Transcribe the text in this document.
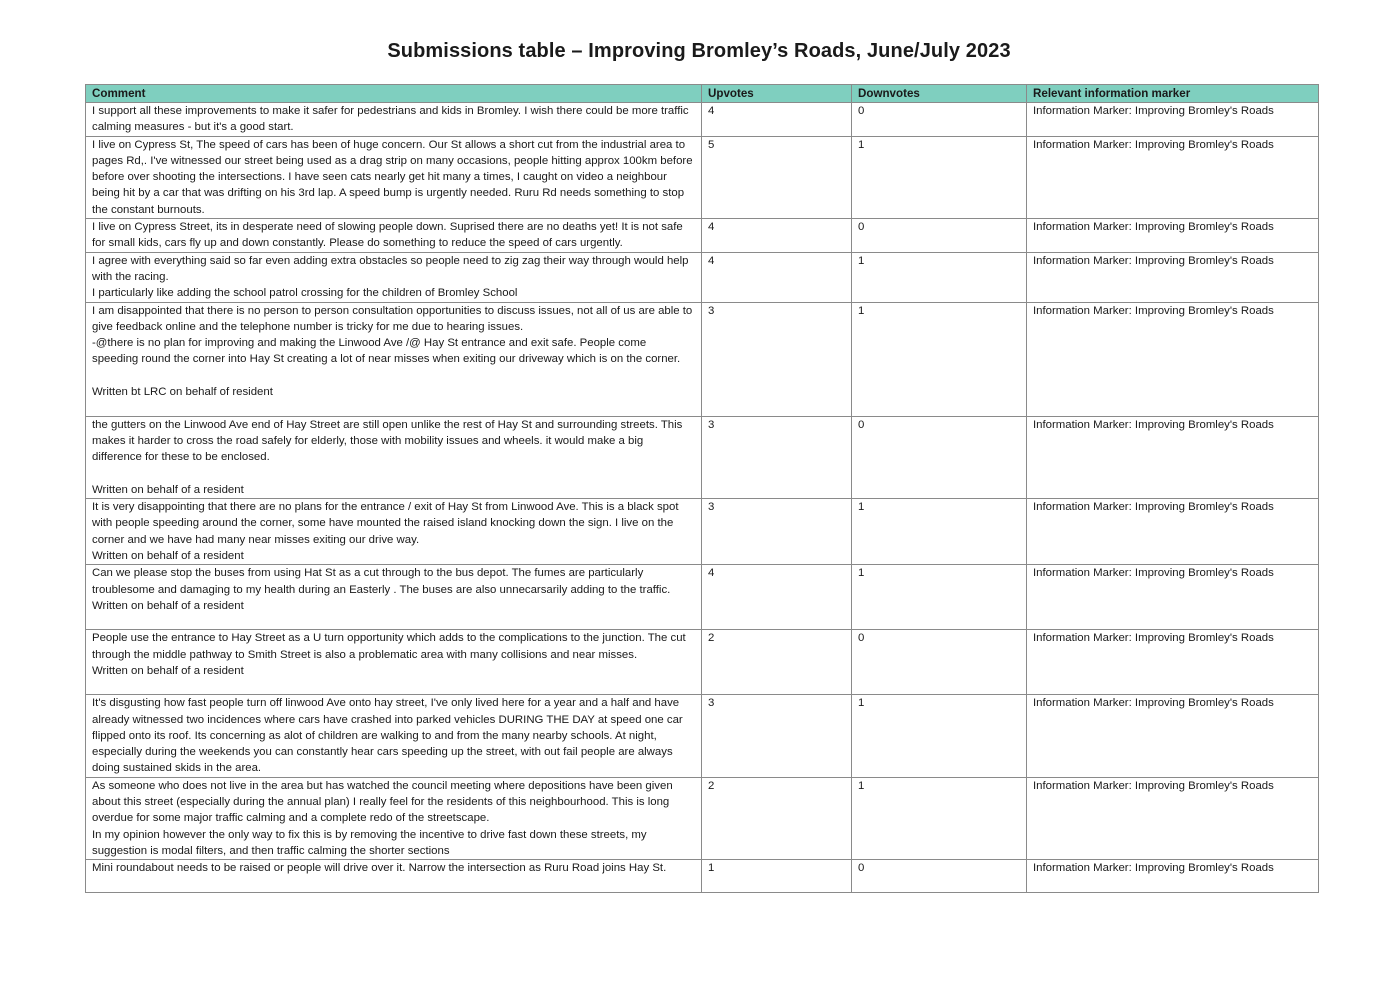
Submissions table – Improving Bromley’s Roads, June/July 2023
Comment	Upvotes	Downvotes	Relevant information marker
I support all these improvements to make it safer for pedestrians and kids in Bromley. I wish there could be more traffic calming measures - but it's a good start.	4	0	Information Marker: Improving Bromley's Roads
I live on Cypress St, The speed of cars has been of huge concern. Our St allows a short cut from the industrial area to pages Rd,. I've witnessed our street being used as a drag strip on many occasions, people hitting approx 100km before before over shooting the intersections. I have seen cats nearly get hit many a times, I caught on video a neighbour being hit by a car that was drifting on his 3rd lap. A speed bump is urgently needed. Ruru Rd needs something to stop the constant burnouts.	5	1	Information Marker: Improving Bromley's Roads
I live on Cypress Street, its in desperate need of slowing people down. Suprised there are no deaths yet! It is not safe for small kids, cars fly up and down constantly. Please do something to reduce the speed of cars urgently.	4	0	Information Marker: Improving Bromley's Roads
I agree with everything said so far even adding extra obstacles so people need to zig zag their way through would help with the racing.
I particularly like adding the school patrol crossing for the children of Bromley School	4	1	Information Marker: Improving Bromley's Roads
I am disappointed that there is no person to person consultation opportunities to discuss issues, not all of us are able to give feedback online and the telephone number is tricky for me due to hearing issues.
-@there is no plan for improving and making the Linwood Ave /@ Hay St entrance and exit safe. People come speeding round the corner into Hay St creating a lot of near misses when exiting our driveway which is on the corner.

Written bt LRC on behalf of resident	3	1	Information Marker: Improving Bromley's Roads
the gutters on the Linwood Ave end of Hay Street are still open unlike the rest of Hay St and surrounding streets. This makes it harder to cross the road safely for elderly, those with mobility issues and wheels. it would make a big difference for these to be enclosed.

Written on behalf of a resident	3	0	Information Marker: Improving Bromley's Roads
It is very disappointing that there are no plans for the entrance / exit of Hay St from Linwood Ave. This is a black spot with people speeding around the corner, some have mounted the raised island knocking down the sign. I live on the corner and we have had many near misses exiting our drive way.
Written on behalf of a resident	3	1	Information Marker: Improving Bromley's Roads
Can we please stop the buses from using Hat St as a cut through to the bus depot. The fumes are particularly troublesome and damaging to my health during an Easterly . The buses are also unnecarsarily adding to the traffic.
Written on behalf of a resident	4	1	Information Marker: Improving Bromley's Roads
People use the entrance to Hay Street as a U turn opportunity which adds to the complications to the junction. The cut through the middle pathway to Smith Street is also a problematic area with many collisions and near misses.
Written on behalf of a resident	2	0	Information Marker: Improving Bromley's Roads
It's disgusting how fast people turn off linwood Ave onto hay street, I've only lived here for a year and a half and have already witnessed two incidences where cars have crashed into parked vehicles DURING THE DAY at speed one car flipped onto its roof. Its concerning as alot of children are walking to and from the many nearby schools. At night, especially during the weekends you can constantly hear cars speeding up the street, with out fail people are always doing sustained skids in the area.	3	1	Information Marker: Improving Bromley's Roads
As someone who does not live in the area but has watched the council meeting where depositions have been given about this street (especially during the annual plan) I really feel for the residents of this neighbourhood. This is long overdue for some major traffic calming and a complete redo of the streetscape.
In my opinion however the only way to fix this is by removing the incentive to drive fast down these streets, my suggestion is modal filters, and then traffic calming the shorter sections	2	1	Information Marker: Improving Bromley's Roads
Mini roundabout needs to be raised or people will drive over it. Narrow the intersection as Ruru Road joins Hay St.	1	0	Information Marker: Improving Bromley's Roads
